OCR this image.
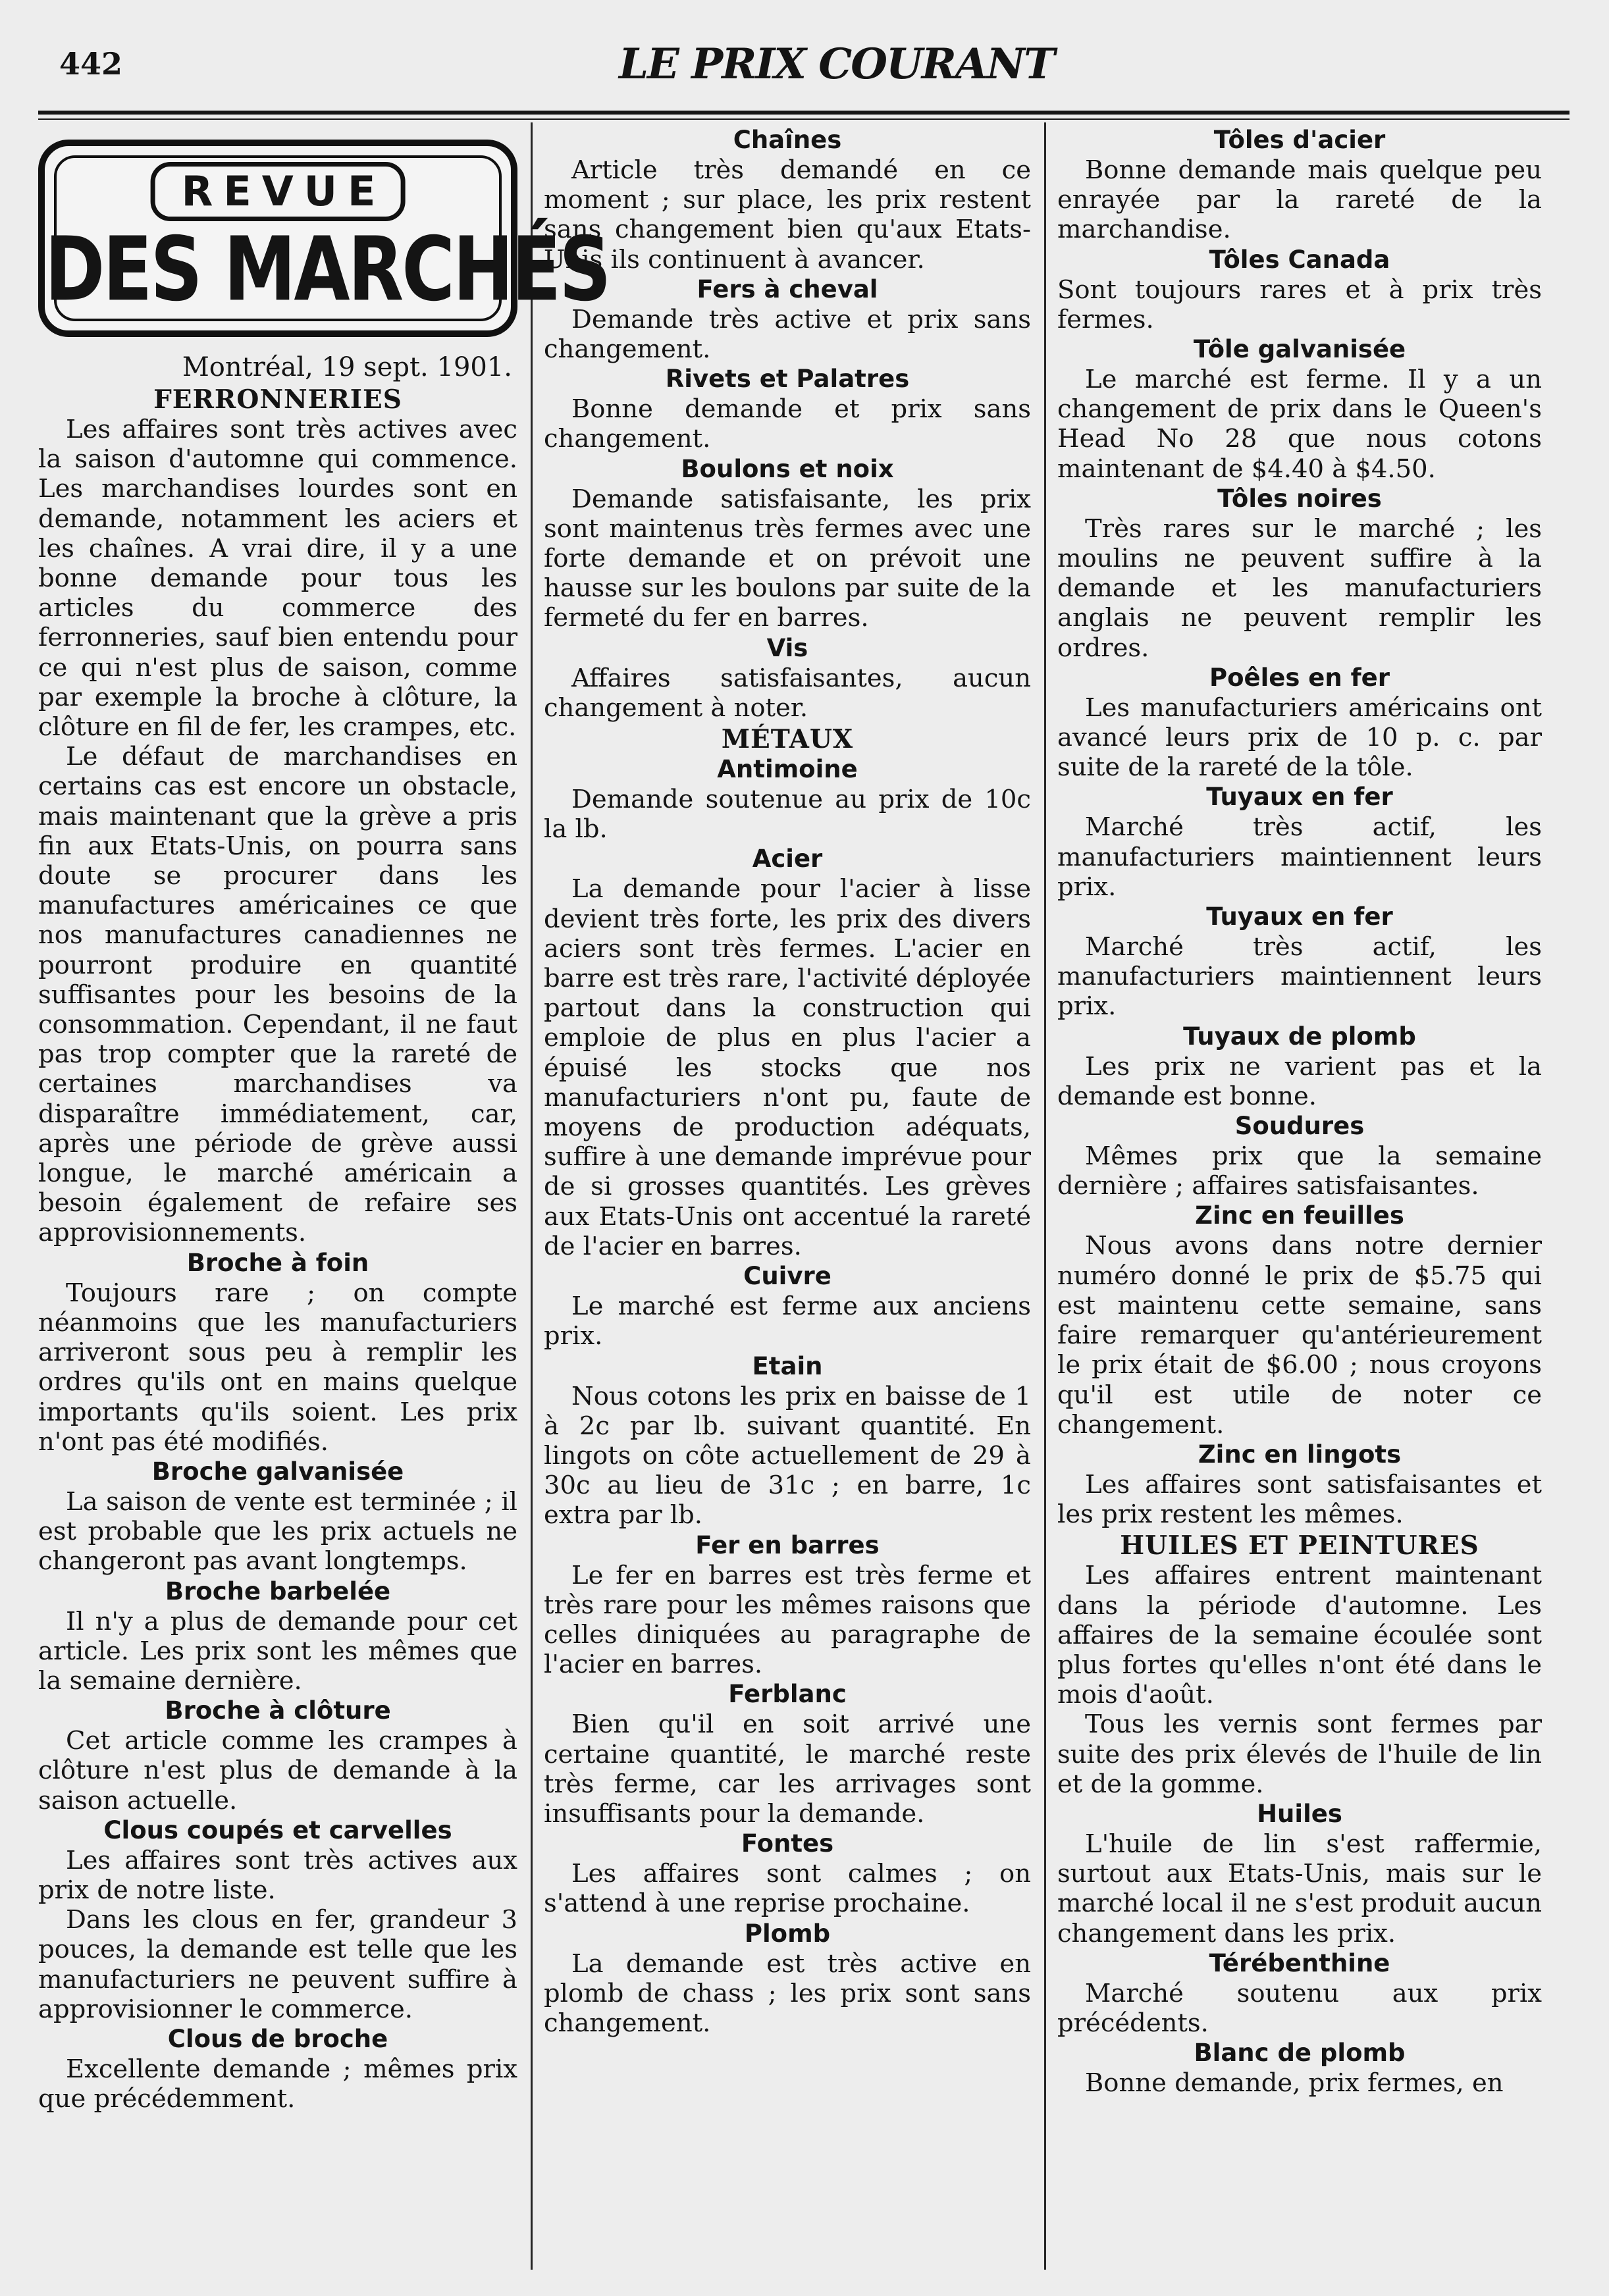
442	LE PRIX COURANT
REVUE
DES MARCHÉS
Montréal, 19 sept. 1901.
FERRONNERIES

Les affaires sont très actives avec la saison d'automne qui commence. Les marchandises lourdes sont en demande, notamment les aciers et les chaînes. A vrai dire, il y a une bonne demande pour tous les articles du commerce des ferronneries, sauf bien entendu pour ce qui n'est plus de saison, comme par exemple la broche à clôture, la clôture en fil de fer, les crampes, etc.

Le défaut de marchandises en certains cas est encore un obstacle, mais maintenant que la grève a pris fin aux Etats-Unis, on pourra sans doute se procurer dans les manufactures américaines ce que nos manufactures canadiennes ne pourront produire en quantité suffisantes pour les besoins de la consommation. Cependant, il ne faut pas trop compter que la rareté de certaines marchandises va disparaître immédiatement, car, après une période de grève aussi longue, le marché américain a besoin également de refaire ses approvisionnements.

Broche à foin

Toujours rare ; on compte néanmoins que les manufacturiers arriveront sous peu à remplir les ordres qu'ils ont en mains quelque importants qu'ils soient. Les prix n'ont pas été modifiés.

Broche galvanisée

La saison de vente est terminée ; il est probable que les prix actuels ne changeront pas avant longtemps.

Broche barbelée

Il n'y a plus de demande pour cet article. Les prix sont les mêmes que la semaine dernière.

Broche à clôture

Cet article comme les crampes à clôture n'est plus de demande à la saison actuelle.

Clous coupés et carvelles

Les affaires sont très actives aux prix de notre liste.

Dans les clous en fer, grandeur 3 pouces, la demande est telle que les manufacturiers ne peuvent suffire à approvisionner le commerce.

Clous de broche

Excellente demande ; mêmes prix que précédemment.

Chaînes

Article très demandé en ce moment ; sur place, les prix restent sans changement bien qu'aux Etats-Unis ils continuent à avancer.

Fers à cheval

Demande très active et prix sans changement.

Rivets et Palatres

Bonne demande et prix sans changement.

Boulons et noix

Demande satisfaisante, les prix sont maintenus très fermes avec une forte demande et on prévoit une hausse sur les boulons par suite de la fermeté du fer en barres.

Vis

Affaires satisfaisantes, aucun changement à noter.

MÉTAUX
Antimoine

Demande soutenue au prix de 10c la lb.

Acier

La demande pour l'acier à lisse devient très forte, les prix des divers aciers sont très fermes. L'acier en barre est très rare, l'activité déployée partout dans la construction qui emploie de plus en plus l'acier a épuisé les stocks que nos manufacturiers n'ont pu, faute de moyens de production adéquats, suffire à une demande imprévue pour de si grosses quantités. Les grèves aux Etats-Unis ont accentué la rareté de l'acier en barres.

Cuivre

Le marché est ferme aux anciens prix.

Etain

Nous cotons les prix en baisse de 1 à 2c par lb. suivant quantité. En lingots on côte actuellement de 29 à 30c au lieu de 31c ; en barre, 1c extra par lb.

Fer en barres

Le fer en barres est très ferme et très rare pour les mêmes raisons que celles diniquées au paragraphe de l'acier en barres.

Ferblanc

Bien qu'il en soit arrivé une certaine quantité, le marché reste très ferme, car les arrivages sont insuffisants pour la demande.

Fontes

Les affaires sont calmes ; on s'attend à une reprise prochaine.

Plomb

La demande est très active en plomb de chass ; les prix sont sans changement.

Tôles d'acier

Bonne demande mais quelque peu enrayée par la rareté de la marchandise.

Tôles Canada

Sont toujours rares et à prix très fermes.

Tôle galvanisée

Le marché est ferme. Il y a un changement de prix dans le Queen's Head No 28 que nous cotons maintenant de $4.40 à $4.50.

Tôles noires

Très rares sur le marché ; les moulins ne peuvent suffire à la demande et les manufacturiers anglais ne peuvent remplir les ordres.

Poêles en fer

Les manufacturiers américains ont avancé leurs prix de 10 p. c. par suite de la rareté de la tôle.

Tuyaux en fer

Marché très actif, les manufacturiers maintiennent leurs prix.

Tuyaux en fer

Marché très actif, les manufacturiers maintiennent leurs prix.

Tuyaux de plomb

Les prix ne varient pas et la demande est bonne.

Soudures

Mêmes prix que la semaine dernière ; affaires satisfaisantes.

Zinc en feuilles

Nous avons dans notre dernier numéro donné le prix de $5.75 qui est maintenu cette semaine, sans faire remarquer qu'antérieurement le prix était de $6.00 ; nous croyons qu'il est utile de noter ce changement.

Zinc en lingots

Les affaires sont satisfaisantes et les prix restent les mêmes.

HUILES ET PEINTURES

Les affaires entrent maintenant dans la période d'automne. Les affaires de la semaine écoulée sont plus fortes qu'elles n'ont été dans le mois d'août.

Tous les vernis sont fermes par suite des prix élevés de l'huile de lin et de la gomme.

Huiles

L'huile de lin s'est raffermie, surtout aux Etats-Unis, mais sur le marché local il ne s'est produit aucun changement dans les prix.

Térébenthine

Marché soutenu aux prix précédents.

Blanc de plomb

Bonne demande, prix fermes, en
